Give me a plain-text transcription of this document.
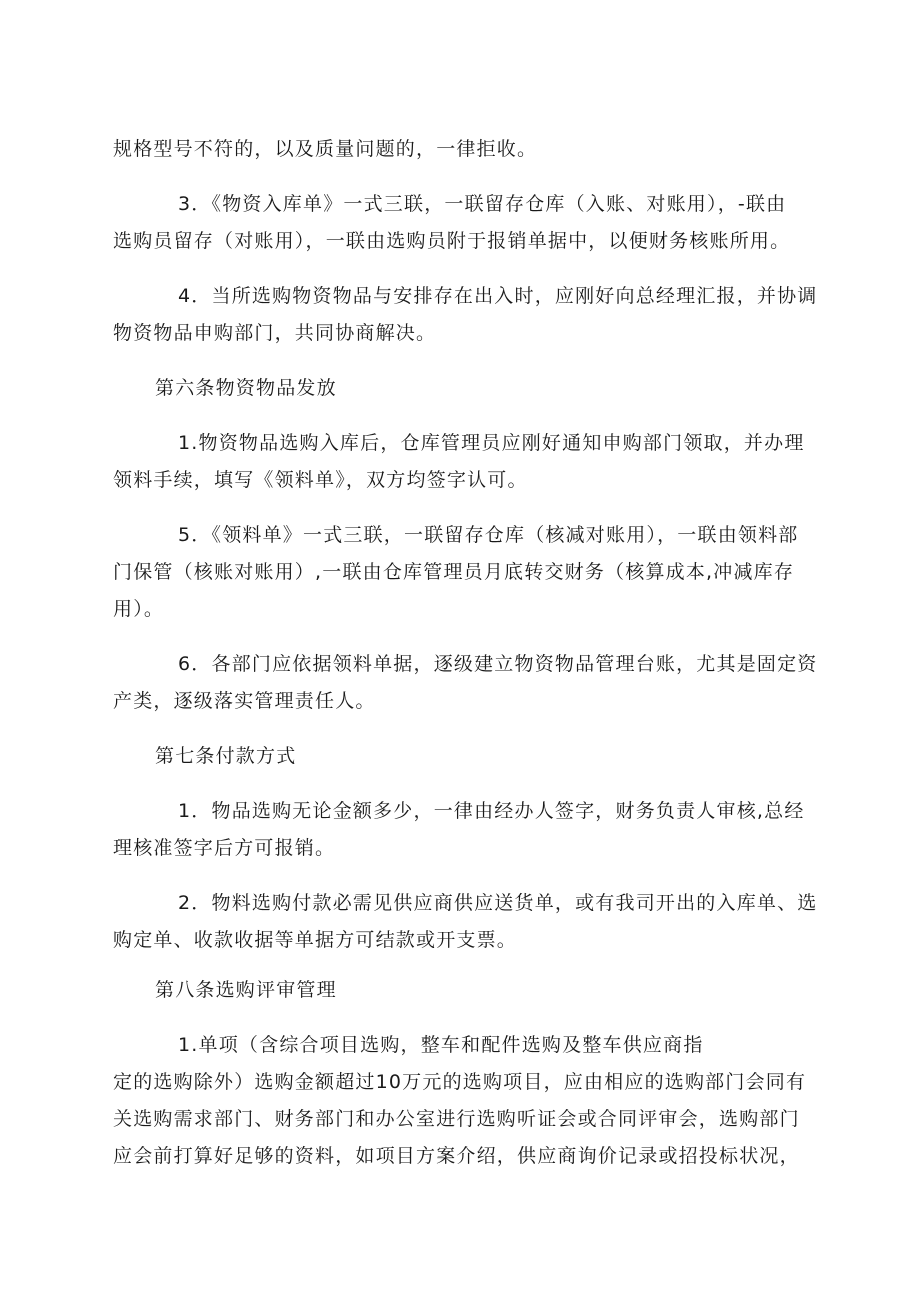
规格型号不符的，以及质量问题的，一律拒收。

3．《物资入库单》一式三联，一联留存仓库（入账、对账用），-联由
选购员留存（对账用），一联由选购员附于报销单据中，以便财务核账所用。

4．当所选购物资物品与安排存在出入时，应刚好向总经理汇报，并协调
物资物品申购部门，共同协商解决。

第六条物资物品发放

1.物资物品选购入库后，仓库管理员应刚好通知申购部门领取，并办理
领料手续，填写《领料单》，双方均签字认可。

5．《领料单》一式三联，一联留存仓库（核减对账用），一联由领料部
门保管（核账对账用）,一联由仓库管理员月底转交财务（核算成本,冲减库存
用）。

6．各部门应依据领料单据，逐级建立物资物品管理台账，尤其是固定资
产类，逐级落实管理责任人。

第七条付款方式

1．物品选购无论金额多少，一律由经办人签字，财务负责人审核,总经
理核准签字后方可报销。

2．物料选购付款必需见供应商供应送货单，或有我司开出的入库单、选
购定单、收款收据等单据方可结款或开支票。

第八条选购评审管理

1.单项（含综合项目选购，整车和配件选购及整车供应商指
定的选购除外）选购金额超过10万元的选购项目，应由相应的选购部门会同有
关选购需求部门、财务部门和办公室进行选购听证会或合同评审会，选购部门
应会前打算好足够的资料，如项目方案介绍，供应商询价记录或招投标状况，
